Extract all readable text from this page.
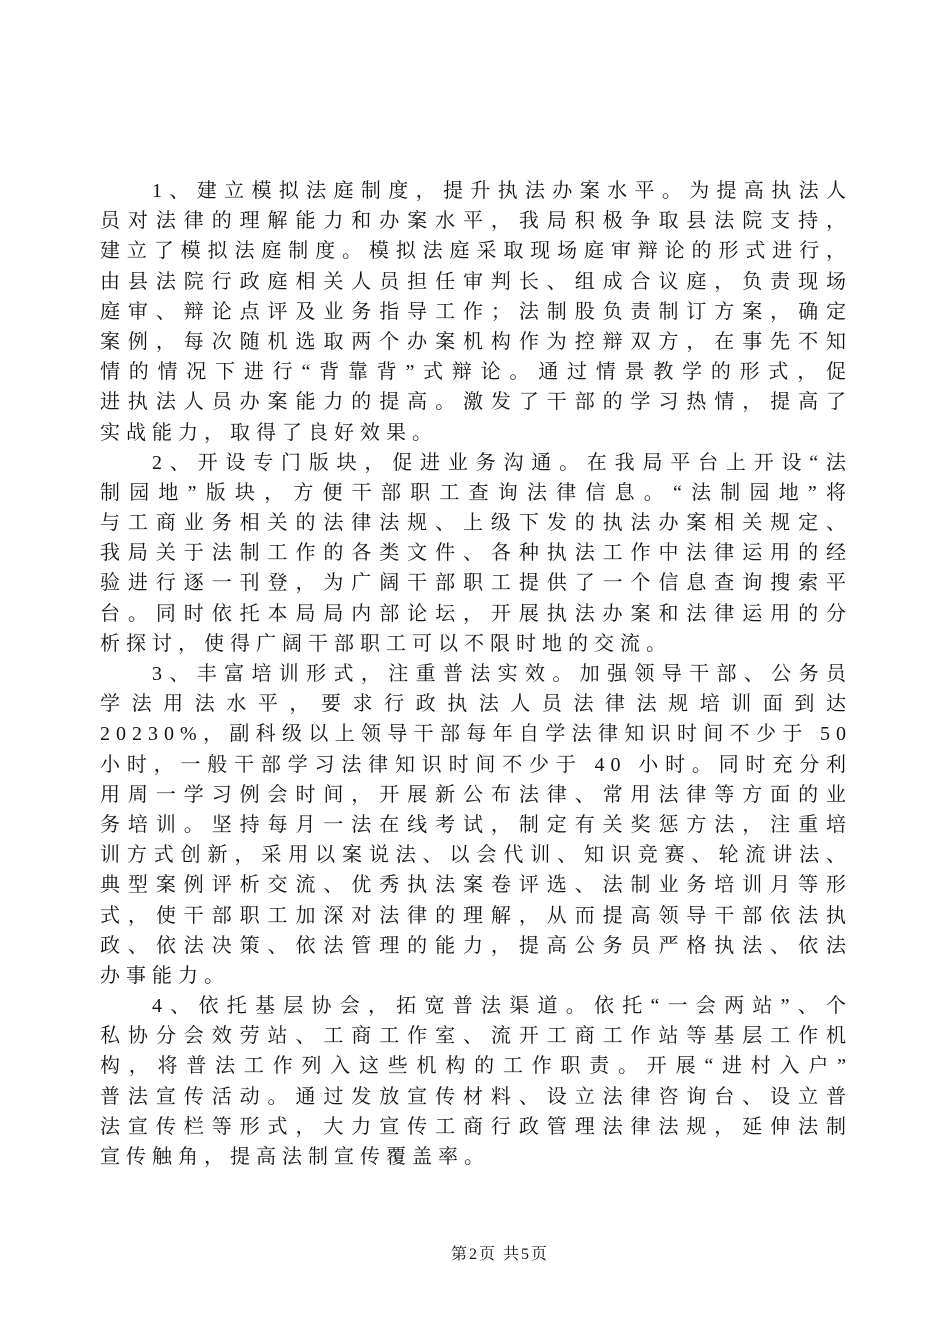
1、建立模拟法庭制度，提升执法办案水平。为提高执法人
员对法律的理解能力和办案水平，我局积极争取县法院支持，
建立了模拟法庭制度。模拟法庭采取现场庭审辩论的形式进行，
由县法院行政庭相关人员担任审判长、组成合议庭，负责现场
庭审、辩论点评及业务指导工作；法制股负责制订方案，确定
案例，每次随机选取两个办案机构作为控辩双方，在事先不知
情的情况下进行“背靠背”式辩论。通过情景教学的形式，促
进执法人员办案能力的提高。激发了干部的学习热情，提高了
实战能力，取得了良好效果。
2、开设专门版块，促进业务沟通。在我局平台上开设“法
制园地”版块，方便干部职工查询法律信息。“法制园地”将
与工商业务相关的法律法规、上级下发的执法办案相关规定、
我局关于法制工作的各类文件、各种执法工作中法律运用的经
验进行逐一刊登，为广阔干部职工提供了一个信息查询搜索平
台。同时依托本局局内部论坛，开展执法办案和法律运用的分
析探讨，使得广阔干部职工可以不限时地的交流。
3、丰富培训形式，注重普法实效。加强领导干部、公务员
学法用法水平，要求行政执法人员法律法规培训面到达
20230%，副科级以上领导干部每年自学法律知识时间不少于 50
小时，一般干部学习法律知识时间不少于 40 小时。同时充分利
用周一学习例会时间，开展新公布法律、常用法律等方面的业
务培训。坚持每月一法在线考试，制定有关奖惩方法，注重培
训方式创新，采用以案说法、以会代训、知识竞赛、轮流讲法、
典型案例评析交流、优秀执法案卷评选、法制业务培训月等形
式，使干部职工加深对法律的理解，从而提高领导干部依法执
政、依法决策、依法管理的能力，提高公务员严格执法、依法
办事能力。
4、依托基层协会，拓宽普法渠道。依托“一会两站”、个
私协分会效劳站、工商工作室、流开工商工作站等基层工作机
构，将普法工作列入这些机构的工作职责。开展“进村入户”
普法宣传活动。通过发放宣传材料、设立法律咨询台、设立普
法宣传栏等形式，大力宣传工商行政管理法律法规，延伸法制
宣传触角，提高法制宣传覆盖率。
第2页 共5页
